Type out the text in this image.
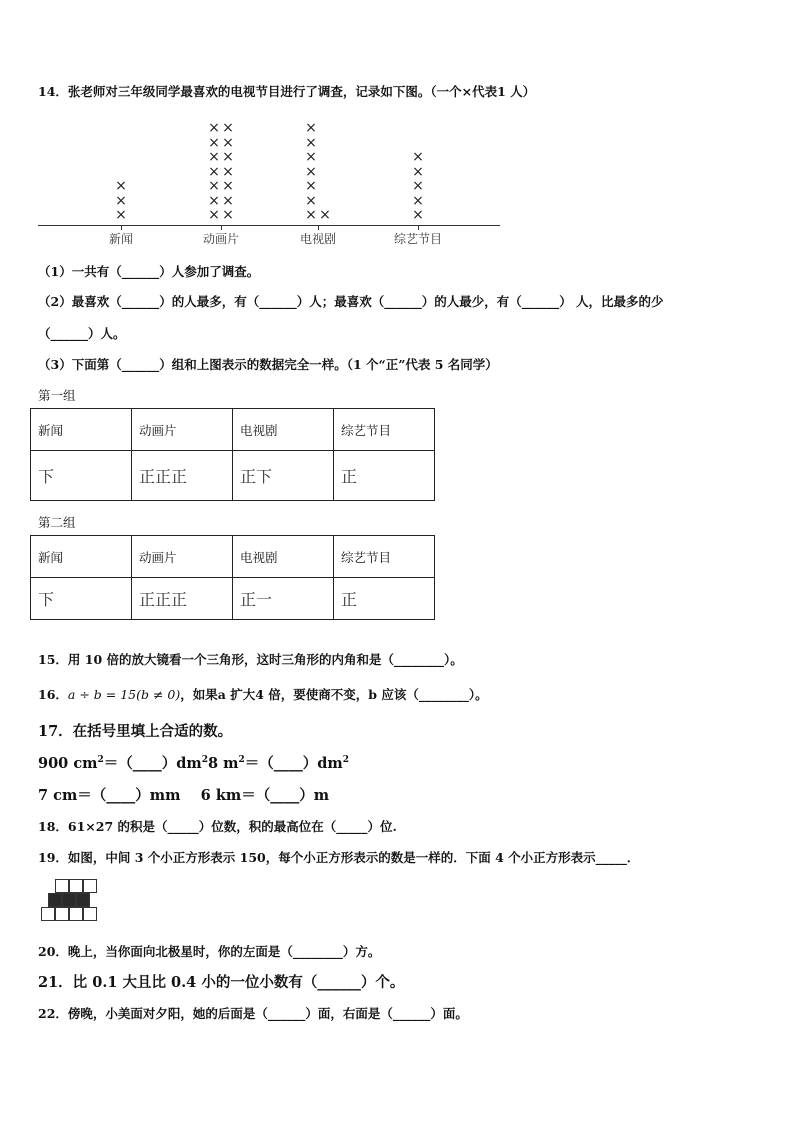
14．张老师对三年级同学最喜欢的电视节目进行了调查，记录如下图。（一个×代表1 人）
×
×
×
新闻
× ×
× ×
× ×
× ×
× ×
× ×
× ×
动画片
× ×
×
×
×
×
×
×
电视剧
×
×
×
×
×
综艺节目
（1）一共有（______）人参加了调查。
（2）最喜欢（______）的人最多，有（______）人；最喜欢（______）的人最少，有（______） 人，比最多的少
（______）人。
（3）下面第（______）组和上图表示的数据完全一样。（1 个“正”代表 5 名同学）
第一组
新闻	动画片	电视剧	综艺节目
下	正正正	正下	正
第二组
新闻	动画片	电视剧	综艺节目
下	正正正	正一	正
15．用 10 倍的放大镜看一个三角形，这时三角形的内角和是（________）。
16．a ÷ b = 15(b ≠ 0)，如果a 扩大4 倍，要使商不变，b 应该（________）。
17．在括号里填上合适的数。
900 $cm^2=(\_\_\_\_)dm^28$ $m^2=(\_\_\_\_)dm^2$
7 cm＝（____）mm    6 km＝（____）m
18．61×27 的积是（_____）位数，积的最高位在（_____）位.
19．如图，中间 3 个小正方形表示 150，每个小正方形表示的数是一样的．下面 4 个小正方形表示_____．
20．晚上，当你面向北极星时，你的左面是（________）方。
21．比 0.1 大且比 0.4 小的一位小数有（______）个。
22．傍晚，小美面对夕阳，她的后面是（______）面，右面是（______）面。
